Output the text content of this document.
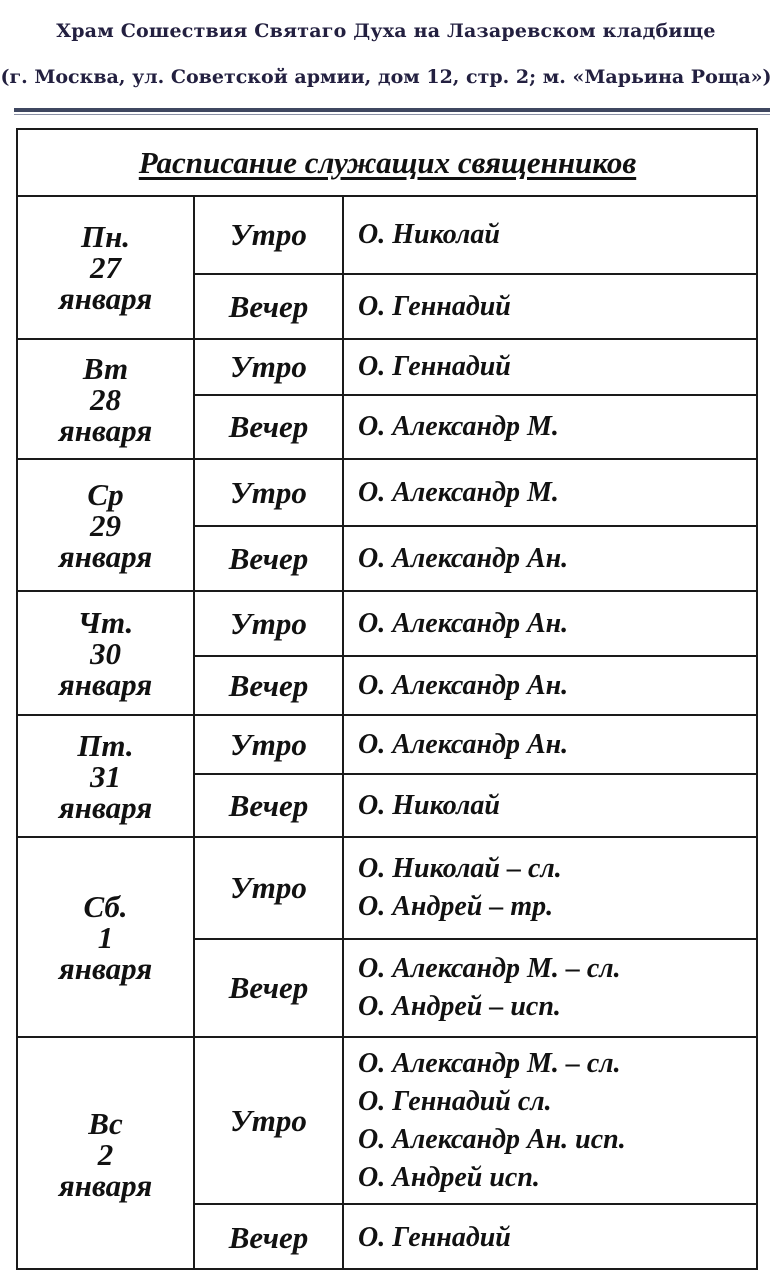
Храм Сошествия Святаго Духа на Лазаревском кладбище
(г. Москва, ул. Советской армии, дом 12, стр. 2; м. «Марьина Роща»)
Расписание служащих священников
Пн.
27
января
Утро	О. Николай
Вечер	О. Геннадий
Вт
28
января
Утро	О. Геннадий
Вечер	О. Александр М.
Ср
29
января
Утро	О. Александр М.
Вечер	О. Александр Ан.
Чт.
30
января
Утро	О. Александр Ан.
Вечер	О. Александр Ан.
Пт.
31
января
Утро	О. Александр Ан.
Вечер	О. Николай
Сб.
1
января
Утро
О. Николай – сл.
О. Андрей – тр.
Вечер
О. Александр М. – сл.
О. Андрей – исп.
Вс
2
января
Утро
О. Александр М. – сл.
О. Геннадий сл.
О. Александр Ан. исп.
О. Андрей исп.
Вечер	О. Геннадий
